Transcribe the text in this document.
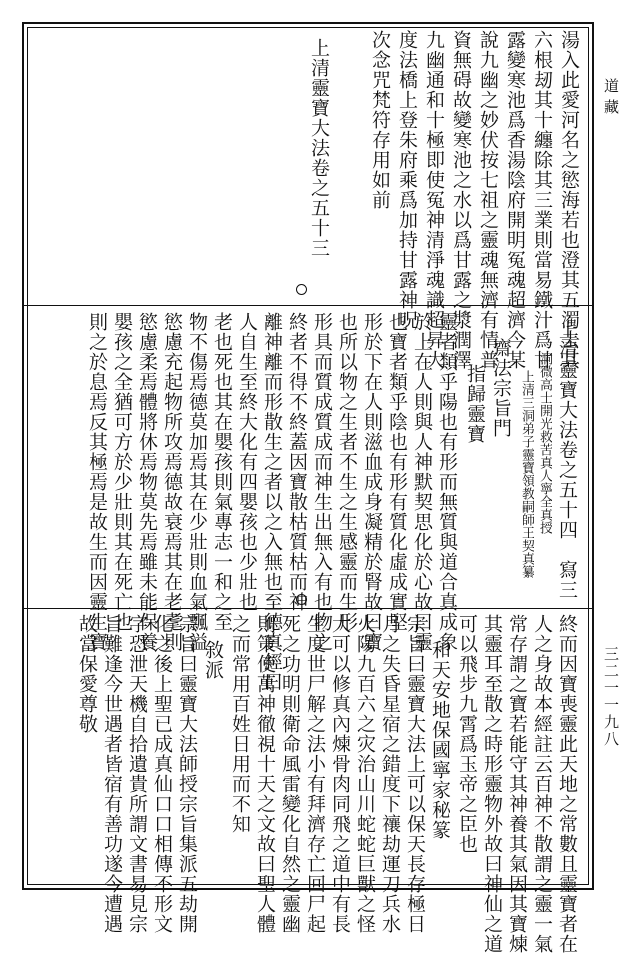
道藏
三二一一九八
湯入此愛河名之慾海若也澄其五濁去其
六根刼其十纏除其三業則當易鐵汁爲甘
露變寒池爲香湯陰府開明冤魂超濟今某
說九幽之妙伏按七祖之靈魂無濟有情普
資無碍故變寒池之水以爲甘露之漿潤澤
九幽通和十極即使冤神清淨魂識超昇大
度法橋上登朱府乘爲加持甘露神呪
次念咒梵符存用如前
上清靈寶大法卷之五十三
上清靈寶大法卷之五十四　寫三
洞微高士開光救苦真人寧全真授
上清三洞弟子靈寶領教嗣師王契真纂
齋法宗旨門
指歸靈寶
靈者類乎陽也有形而無質與道合真成象
於上在人則與人神默契思化於心故曰靈
也寶者類乎陰也有形有質化虛成實堅
形於下在人則滋血成身凝精於腎故曰寶
也所以物之生者不生之生感靈而生形
形具而質成質成而神生出無入有也物之
終者不得不終蓋因寶散枯質枯而神
離神離而形散生之者以之入無也至德真經曰
人自生至終大化有四嬰孩也少壯也
老也死也其在嬰孩則氣專志一和之至
物不傷焉德莫加焉其在少壯則血氣飄溢
慾慮充起物所攻焉德故衰焉其在老耄則
慾慮柔焉體將休焉物莫先焉雖未能保養
嬰孩之全猶可方於少壯則其在死亡也
則之於息焉反其極焉是故生而因靈生寶
終而因寶喪靈此天地之常數且靈寶者在
人之身故本經註云百神不散謂之靈一氣
常存謂之寶若能守其神養其氣因其寶煉
其靈耳至散之時形靈物外故曰神仙之道
可以飛步九霄爲玉帝之臣也
和天安地保國寧家秘篆
宗旨曰靈寶大法上可以保天長存極日
月之失昏星宿之錯度下禳劫運刀兵水
火陽九百六之灾治山川蛇蛇巨獸之怪
大可以修真內煉骨肉同飛之道中有長
生度世尸解之法小有拜濟存亡回尸起
死之功明則衛命風雷變化自然之靈幽
則策使萬神徹視十天之文故曰聖人體
之而常用百姓日用而不知
敘派
宗旨曰靈寶大法師授宗旨集派五劫開
化之後上聖已成真仙口口相傳不形文
字恐泄天機自拾遺貴所謂文書易見宗
旨難逢今世遇者皆宿有善功遂今遭遇
故當保愛尊敬
